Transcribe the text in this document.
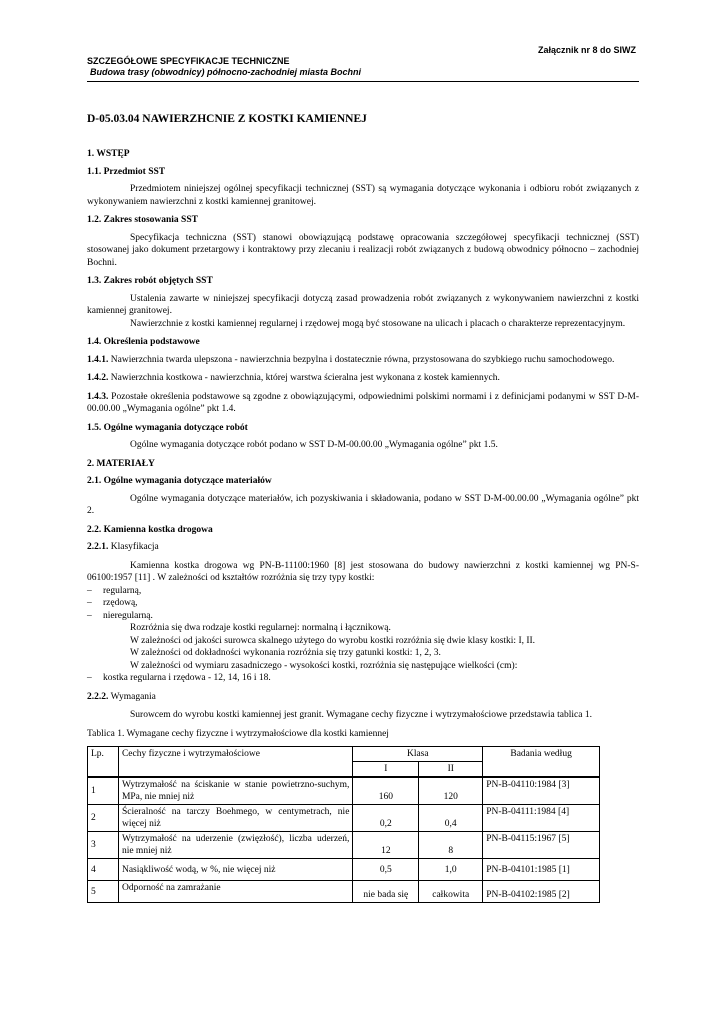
Załącznik nr 8 do SIWZ
SZCZEGÓŁOWE SPECYFIKACJE TECHNICZNE
Budowa trasy (obwodnicy) północno-zachodniej miasta Bochni
D-05.03.04 NAWIERZHCNIE Z KOSTKI KAMIENNEJ
1. WSTĘP
1.1. Przedmiot SST
Przedmiotem niniejszej ogólnej specyfikacji technicznej (SST) są wymagania dotyczące wykonania i odbioru robót związanych z wykonywaniem nawierzchni z kostki kamiennej granitowej.
1.2. Zakres stosowania SST
Specyfikacja techniczna (SST) stanowi obowiązującą podstawę opracowania szczegółowej specyfikacji technicznej (SST) stosowanej jako dokument przetargowy i kontraktowy przy zlecaniu i realizacji robót związanych z budową obwodnicy północno – zachodniej Bochni.
1.3. Zakres robót objętych SST
Ustalenia zawarte w niniejszej specyfikacji dotyczą zasad prowadzenia robót związanych z wykonywaniem nawierzchni z kostki kamiennej granitowej.
Nawierzchnie z kostki kamiennej regularnej i rzędowej mogą być stosowane na ulicach i placach o charakterze reprezentacyjnym.
1.4. Określenia podstawowe
1.4.1. Nawierzchnia twarda ulepszona - nawierzchnia bezpylna i dostatecznie równa, przystosowana do szybkiego ruchu samochodowego.
1.4.2. Nawierzchnia kostkowa - nawierzchnia, której warstwa ścieralna jest wykonana z kostek kamiennych.
1.4.3. Pozostałe określenia podstawowe są zgodne z obowiązującymi, odpowiednimi polskimi normami i z definicjami podanymi w SST D-M-00.00.00 „Wymagania ogólne” pkt 1.4.
1.5. Ogólne wymagania dotyczące robót
Ogólne wymagania dotyczące robót podano w SST D-M-00.00.00 „Wymagania ogólne” pkt 1.5.
2. MATERIAŁY
2.1. Ogólne wymagania dotyczące materiałów
Ogólne wymagania dotyczące materiałów, ich pozyskiwania i składowania, podano w SST D-M-00.00.00 „Wymagania ogólne” pkt 2.
2.2. Kamienna kostka drogowa
2.2.1. Klasyfikacja
Kamienna kostka drogowa wg PN-B-11100:1960 [8] jest stosowana do budowy nawierzchni z kostki kamiennej wg PN-S-06100:1957 [11] . W zależności od kształtów rozróżnia się trzy typy kostki:
– regularną,
– rzędową,
– nieregularną.
Rozróżnia się dwa rodzaje kostki regularnej: normalną i łącznikową.
W zależności od jakości surowca skalnego użytego do wyrobu kostki rozróżnia się dwie klasy kostki: I, II.
W zależności od dokładności wykonania rozróżnia się trzy gatunki kostki: 1, 2, 3.
W zależności od wymiaru zasadniczego - wysokości kostki, rozróżnia się następujące wielkości (cm):
– kostka regularna i rzędowa - 12, 14, 16 i 18.
2.2.2. Wymagania
Surowcem do wyrobu kostki kamiennej jest granit. Wymagane cechy fizyczne i wytrzymałościowe przedstawia tablica 1.
Tablica 1. Wymagane cechy fizyczne i wytrzymałościowe dla kostki kamiennej
Lp.	Cechy fizyczne i wytrzymałościowe	Klasa		Badania według
		I	II	
1	Wytrzymałość na ściskanie w stanie powietrzno-suchym, MPa, nie mniej niż	160	120	PN-B-04110:1984 [3]
2	Ścieralność na tarczy Boehmego, w centymetrach, nie więcej niż	0,2	0,4	PN-B-04111:1984 [4]
3	Wytrzymałość na uderzenie (zwięzłość), liczba uderzeń, nie mniej niż	12	8	PN-B-04115:1967 [5]
4	Nasiąkliwość wodą, w %, nie więcej niż	0,5	1,0	PN-B-04101:1985 [1]
5	Odporność na zamrażanie	nie bada się	całkowita	PN-B-04102:1985 [2]
